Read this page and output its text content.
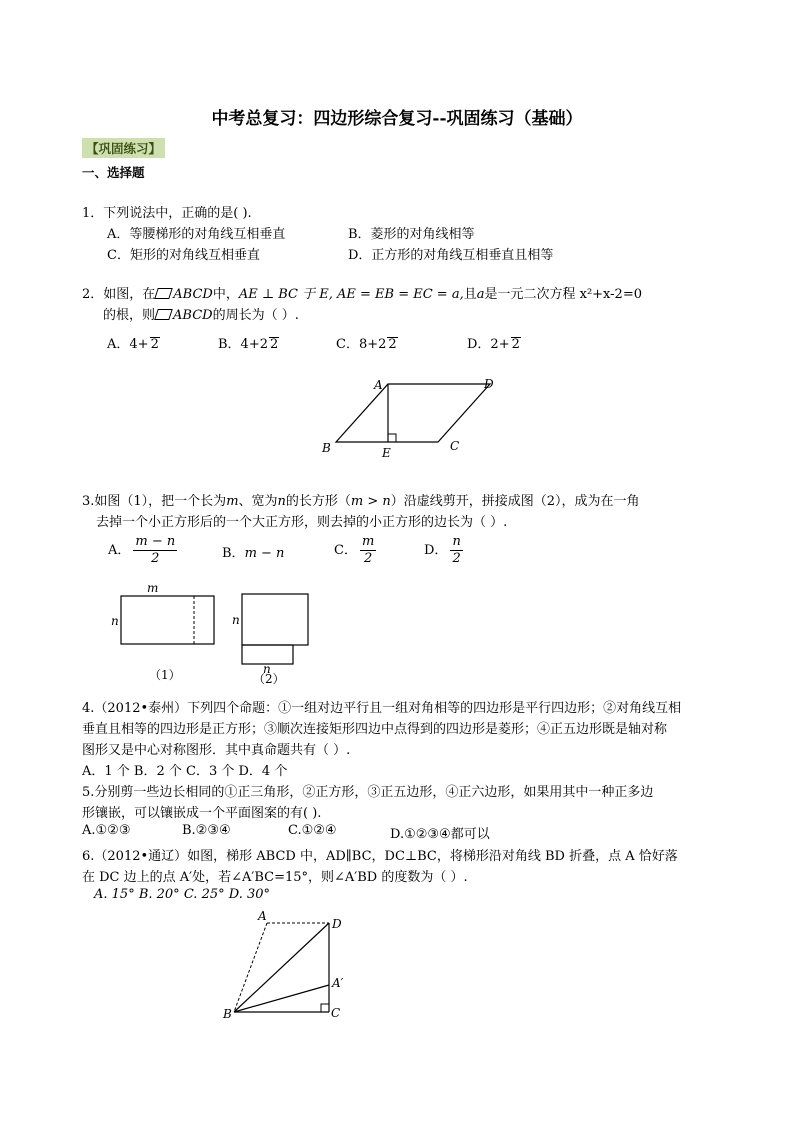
中考总复习：四边形综合复习--巩固练习（基础）
【巩固练习】
一、选择题
1．下列说法中，正确的是( ).
A．等腰梯形的对角线互相垂直	B．菱形的对角线相等
C．矩形的对角线互相垂直	D．正方形的对角线互相垂直且相等
2．如图，在 ABCD中，AE ⊥ BC 于 E, AE = EB = EC = a,且a是一元二次方程 x²+x-2=0
的根，则 ABCD的周长为（ ）.
A．4+ 2	B．4+2 2	C．8+2 2	D．2+ 2
A	D
B	E	C
3.如图（1），把一个长为m、宽为n的长方形（m > n）沿虚线剪开，拼接成图（2），成为在一角
去掉一个小正方形后的一个大正方形，则去掉的小正方形的边长为（ ）.
A． $\frac{m - n}{2}$	B．m − n	C． $\frac{m}{2}$	D． $\frac{n}{2}$
m
n
（1）
n
n
（2）
4.（2012•泰州）下列四个命题：①一组对边平行且一组对角相等的四边形是平行四边形；②对角线互相
垂直且相等的四边形是正方形；③顺次连接矩形四边中点得到的四边形是菱形；④正五边形既是轴对称
图形又是中心对称图形．其中真命题共有（ ）.
A．1 个 B．2 个 C．3 个 D．4 个
5.分别剪一些边长相同的①正三角形，②正方形，③正五边形，④正六边形，如果用其中一种正多边
形镶嵌，可以镶嵌成一个平面图案的有( ).
A.①②③	B.②③④	C.①②④	D.①②③④都可以
6.（2012•通辽）如图，梯形 ABCD 中，AD∥BC，DC⊥BC，将梯形沿对角线 BD 折叠，点 A 恰好落
在 DC 边上的点 A′处，若∠A′BC=15°，则∠A′BD 的度数为（ ）.
A. 15° B. 20° C. 25° D. 30°
A
D
A′
B	C
